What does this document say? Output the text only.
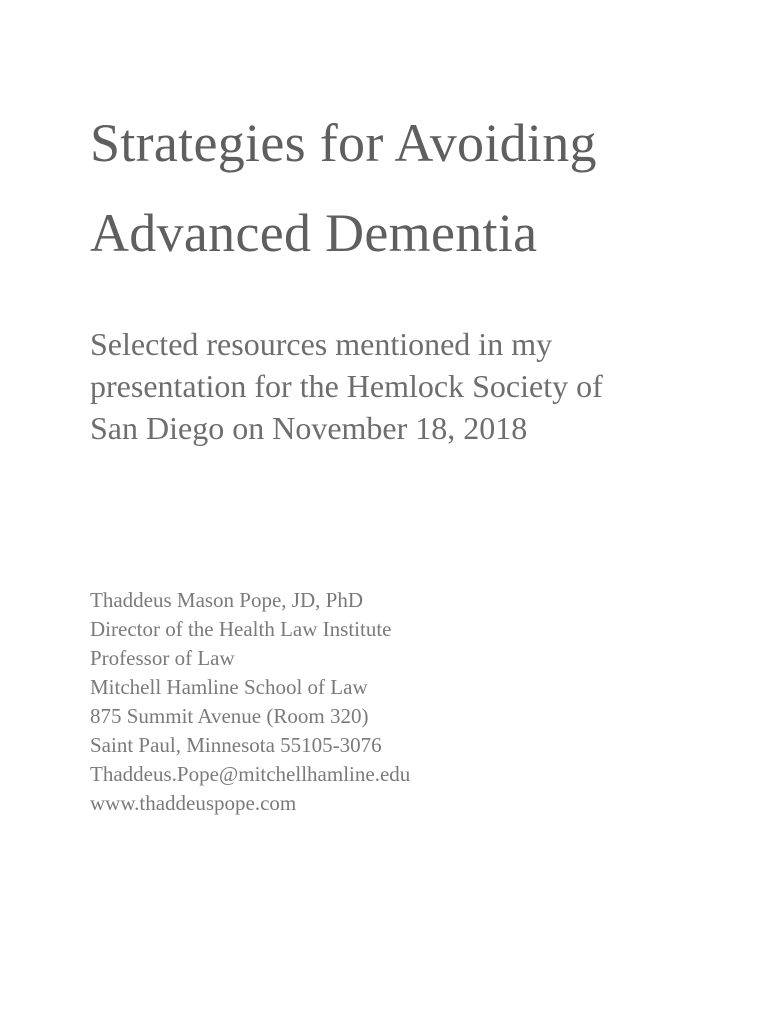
Strategies for Avoiding
Advanced Dementia

Selected resources mentioned in my
presentation for the Hemlock Society of
San Diego on November 18, 2018

Thaddeus Mason Pope, JD, PhD
Director of the Health Law Institute
Professor of Law
Mitchell Hamline School of Law
875 Summit Avenue (Room 320)
Saint Paul, Minnesota 55105-3076
Thaddeus.Pope@mitchellhamline.edu
www.thaddeuspope.com
